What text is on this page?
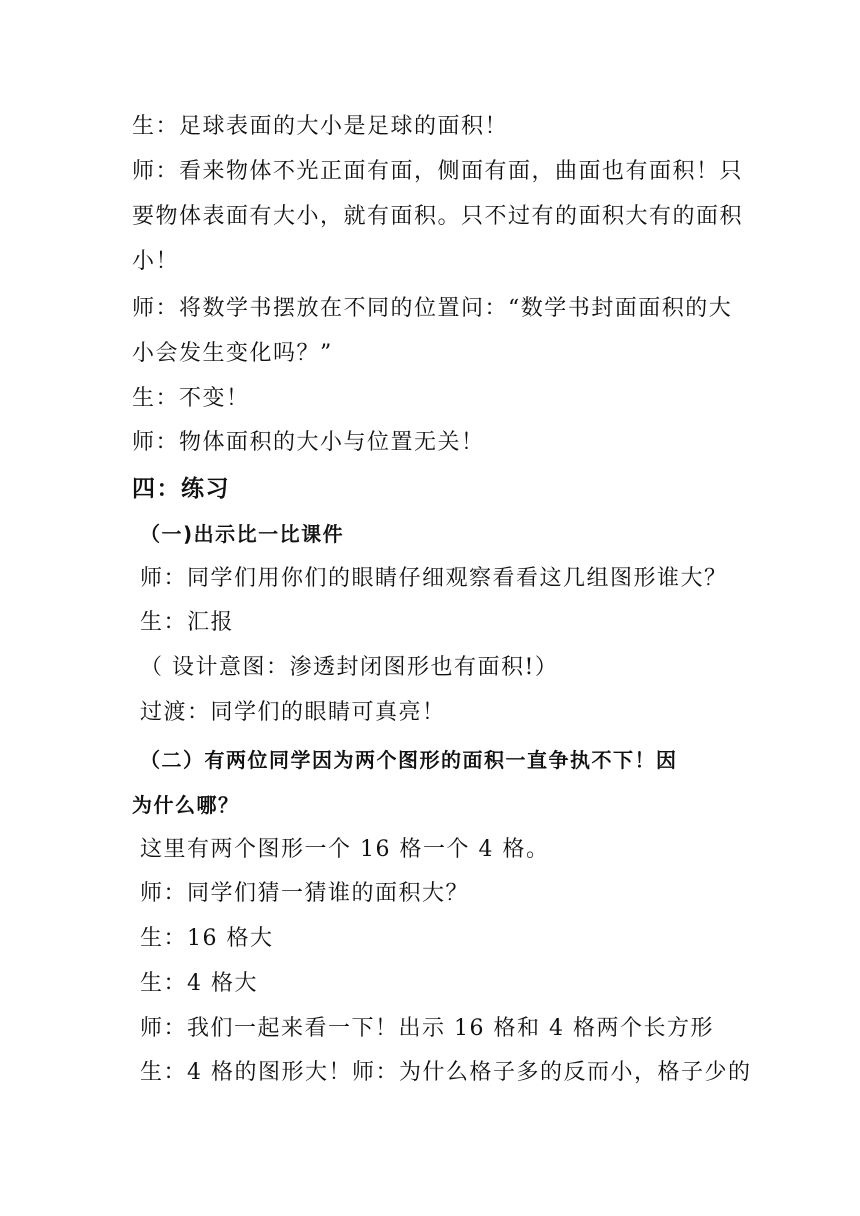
生：足球表面的大小是足球的面积！
师：看来物体不光正面有面，侧面有面，曲面也有面积！只
要物体表面有大小，就有面积。只不过有的面积大有的面积
小！
师：将数学书摆放在不同的位置问：“数学书封面面积的大
小会发生变化吗？”
生：不变！
师：物体面积的大小与位置无关！
四：练习
（一)出示比一比课件
师：同学们用你们的眼睛仔细观察看看这几组图形谁大？
生：汇报
（ 设计意图：渗透封闭图形也有面积!）
过渡：同学们的眼睛可真亮！
（二）有两位同学因为两个图形的面积一直争执不下！因
为什么哪？
这里有两个图形一个 16 格一个 4 格。
师：同学们猜一猜谁的面积大？
生：16 格大
生：4 格大
师：我们一起来看一下！出示 16 格和 4 格两个长方形
生：4 格的图形大！师：为什么格子多的反而小，格子少的
